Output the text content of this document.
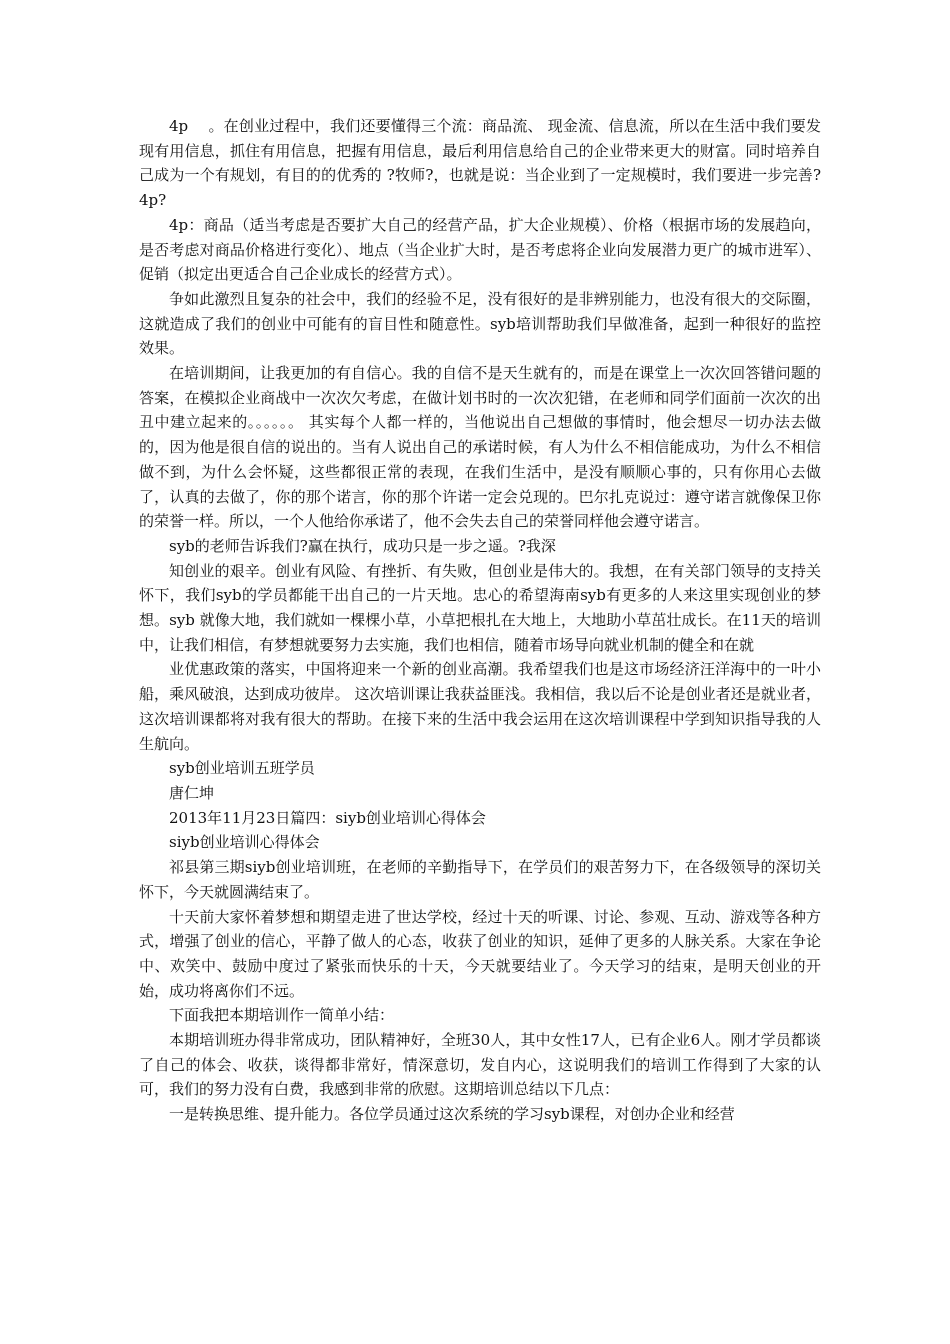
4p　 。在创业过程中，我们还要懂得三个流：商品流、 现金流、信息流，所以在生活中我们要发现有用信息，抓住有用信息，把握有用信息，最后利用信息给自己的企业带来更大的财富。同时培养自己成为一个有规划，有目的的优秀的 ?牧师?，也就是说：当企业到了一定规模时，我们要进一步完善?4p?

4p：商品（适当考虑是否要扩大自己的经营产品，扩大企业规模）、价格（根据市场的发展趋向，是否考虑对商品价格进行变化）、地点（当企业扩大时，是否考虑将企业向发展潜力更广的城市进军）、促销（拟定出更适合自己企业成长的经营方式）。

争如此激烈且复杂的社会中，我们的经验不足，没有很好的是非辨别能力，也没有很大的交际圈，这就造成了我们的创业中可能有的盲目性和随意性。syb培训帮助我们早做准备，起到一种很好的监控效果。

在培训期间，让我更加的有自信心。我的自信不是天生就有的，而是在课堂上一次次回答错问题的答案，在模拟企业商战中一次次欠考虑，在做计划书时的一次次犯错，在老师和同学们面前一次次的出丑中建立起来的。。。。。。 其实每个人都一样的，当他说出自己想做的事情时，他会想尽一切办法去做的，因为他是很自信的说出的。当有人说出自己的承诺时候，有人为什么不相信能成功，为什么不相信做不到，为什么会怀疑，这些都很正常的表现，在我们生活中，是没有顺顺心事的，只有你用心去做了，认真的去做了，你的那个诺言，你的那个许诺一定会兑现的。巴尔扎克说过：遵守诺言就像保卫你的荣誉一样。所以，一个人他给你承诺了，他不会失去自己的荣誉同样他会遵守诺言。

syb的老师告诉我们?赢在执行，成功只是一步之遥。?我深

知创业的艰辛。创业有风险、有挫折、有失败，但创业是伟大的。我想，在有关部门领导的支持关怀下，我们syb的学员都能干出自己的一片天地。忠心的希望海南syb有更多的人来这里实现创业的梦想。syb 就像大地，我们就如一棵棵小草，小草把根扎在大地上，大地助小草茁壮成长。在11天的培训中，让我们相信，有梦想就要努力去实施，我们也相信，随着市场导向就业机制的健全和在就

业优惠政策的落实，中国将迎来一个新的创业高潮。我希望我们也是这市场经济汪洋海中的一叶小船，乘风破浪，达到成功彼岸。 这次培训课让我获益匪浅。我相信，我以后不论是创业者还是就业者，这次培训课都将对我有很大的帮助。在接下来的生活中我会运用在这次培训课程中学到知识指导我的人生航向。

syb创业培训五班学员

唐仁坤

2013年11月23日篇四：siyb创业培训心得体会

siyb创业培训心得体会

祁县第三期siyb创业培训班，在老师的辛勤指导下，在学员们的艰苦努力下，在各级领导的深切关怀下，今天就圆满结束了。

十天前大家怀着梦想和期望走进了世达学校，经过十天的听课、讨论、参观、互动、游戏等各种方式，增强了创业的信心，平静了做人的心态，收获了创业的知识，延伸了更多的人脉关系。大家在争论中、欢笑中、鼓励中度过了紧张而快乐的十天，今天就要结业了。今天学习的结束，是明天创业的开始，成功将离你们不远。

下面我把本期培训作一简单小结：

本期培训班办得非常成功，团队精神好，全班30人，其中女性17人，已有企业6人。刚才学员都谈了自己的体会、收获，谈得都非常好，情深意切，发自内心，这说明我们的培训工作得到了大家的认可，我们的努力没有白费，我感到非常的欣慰。这期培训总结以下几点：

一是转换思维、提升能力。各位学员通过这次系统的学习syb课程，对创办企业和经营
